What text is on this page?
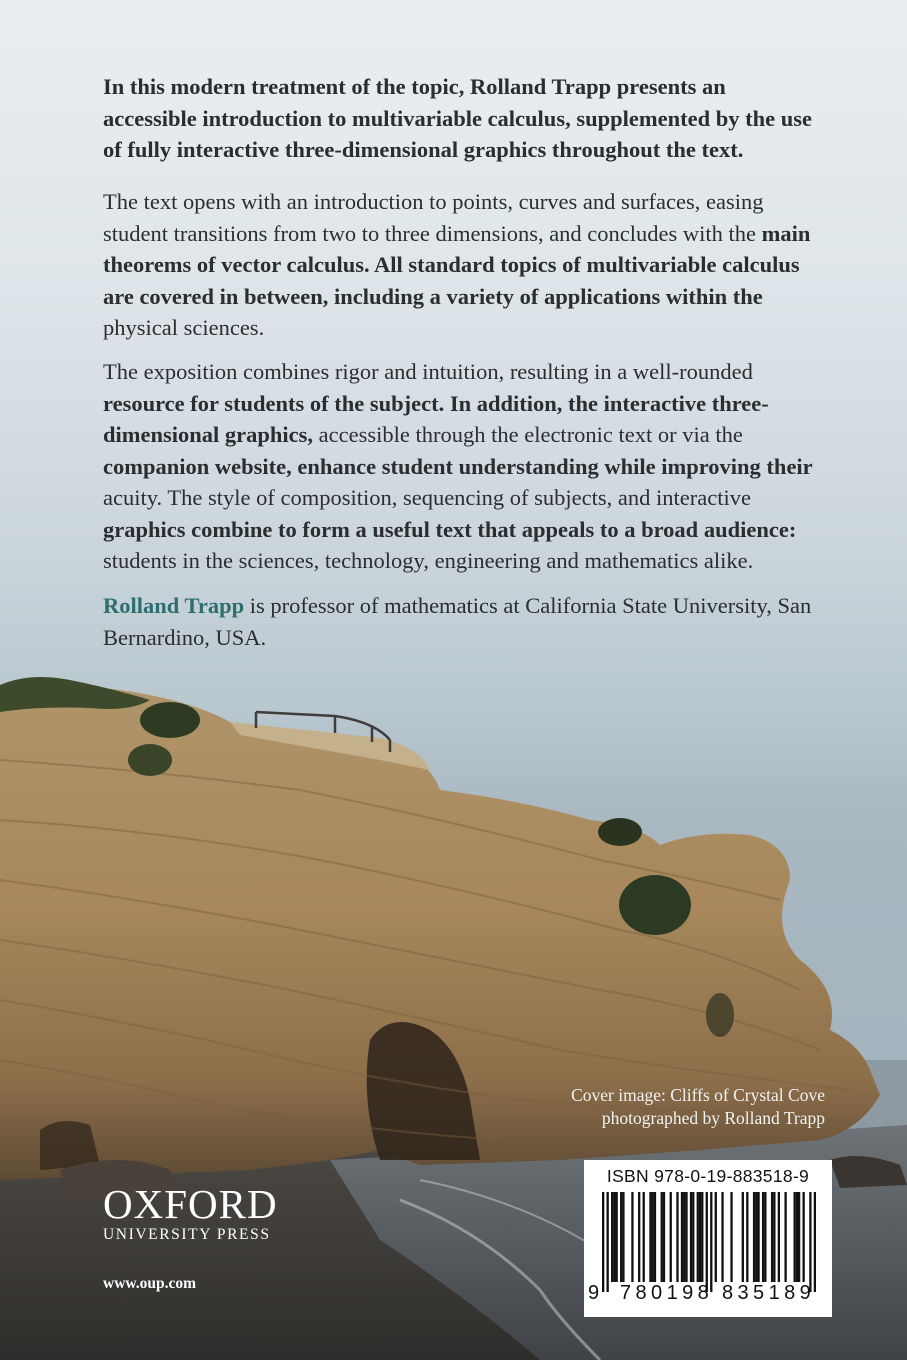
In this modern treatment of the topic, Rolland Trapp presents an accessible introduction to multivariable calculus, supplemented by the use of fully interactive three-dimensional graphics throughout the text.

The text opens with an introduction to points, curves and surfaces, easing student transitions from two to three dimensions, and concludes with the main theorems of vector calculus. All standard topics of multivariable calculus are covered in between, including a variety of applications within the physical sciences.

The exposition combines rigor and intuition, resulting in a well-rounded resource for students of the subject. In addition, the interactive three-dimensional graphics, accessible through the electronic text or via the companion website, enhance student understanding while improving their acuity. The style of composition, sequencing of subjects, and interactive graphics combine to form a useful text that appeals to a broad audience: students in the sciences, technology, engineering and mathematics alike.

Rolland Trapp is professor of mathematics at California State University, San Bernardino, USA.

Cover image: Cliffs of Crystal Cove
photographed by Rolland Trapp
OXFORD
UNIVERSITY PRESS
www.oup.com
ISBN 978-0-19-883518-9
9 780198 835189
